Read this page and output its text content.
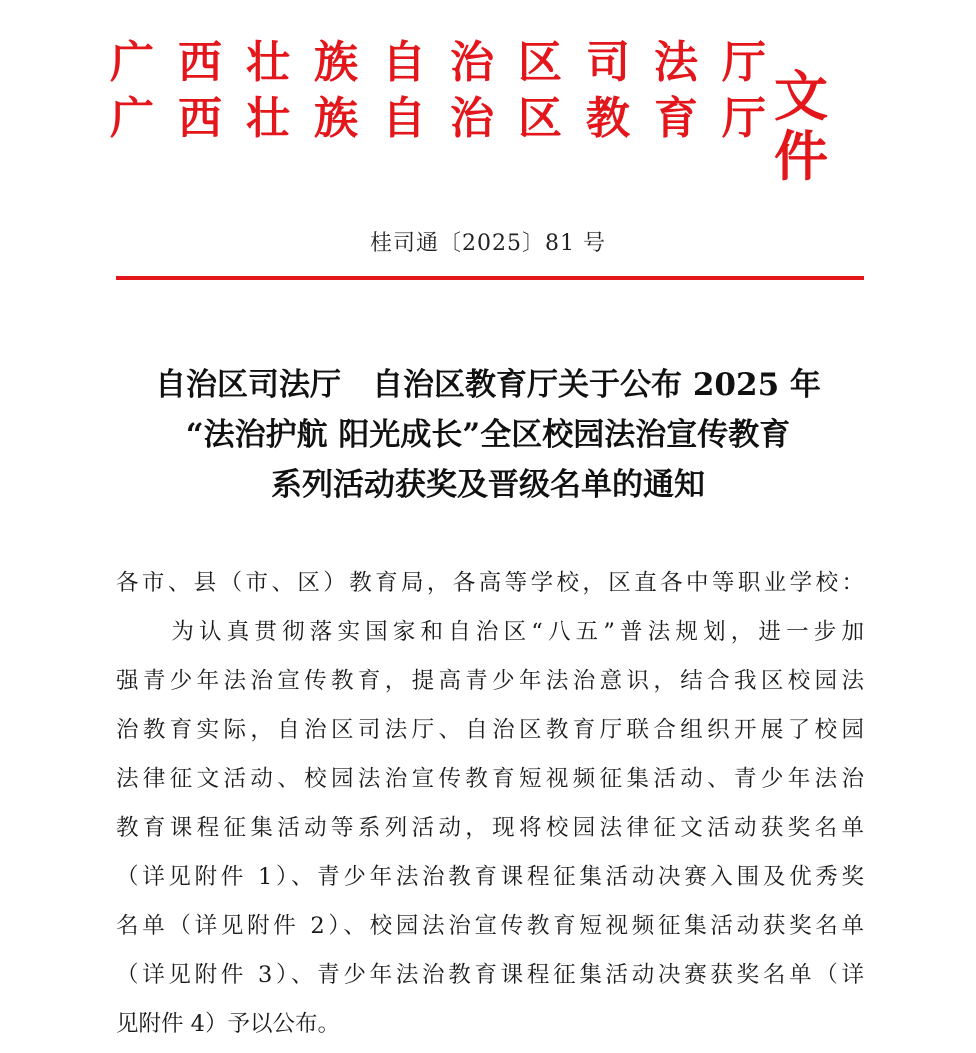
广 西 壮 族 自 治 区 司 法 厅
广 西 壮 族 自 治 区 教 育 厅 文件
桂司通〔2025〕81 号
自治区司法厅　自治区教育厅关于公布 2025 年
“法治护航 阳光成长”全区校园法治宣传教育
系列活动获奖及晋级名单的通知
各市、县（市、区）教育局，各高等学校，区直各中等职业学校：
　　为认真贯彻落实国家和自治区“八五”普法规划，进一步加
强青少年法治宣传教育，提高青少年法治意识，结合我区校园法
治教育实际，自治区司法厅、自治区教育厅联合组织开展了校园
法律征文活动、校园法治宣传教育短视频征集活动、青少年法治
教育课程征集活动等系列活动，现将校园法律征文活动获奖名单
（详见附件 1）、青少年法治教育课程征集活动决赛入围及优秀奖
名单（详见附件 2）、校园法治宣传教育短视频征集活动获奖名单
（详见附件 3）、青少年法治教育课程征集活动决赛获奖名单（详
见附件 4）予以公布。
